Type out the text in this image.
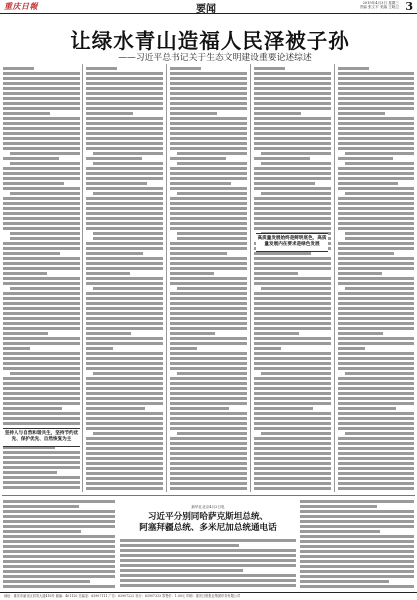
重庆日報	要闻
2019年4月3日 星期三
责编 张文平 美编 王晓卫 3
让绿水青山造福人民泽被子孙
——习近平总书记关于生态文明建设重要论述综述
坚持人与自然和谐共生，坚持节约优先、保护优先、自然恢复为主
高质量发展始终是鲜明底色，高质量发展内在要求是绿色发展
新华社北京4月2日电
习近平分别同哈萨克斯坦总统、
阿塞拜疆总统、多米尼加总统通电话
地址：重庆市渝北区同茂大道416号 邮编：401120 总编室：63907111 广告：63907222 发行：63907333 零售价：1.00元 印刷：重庆日报报业集团印务有限公司
